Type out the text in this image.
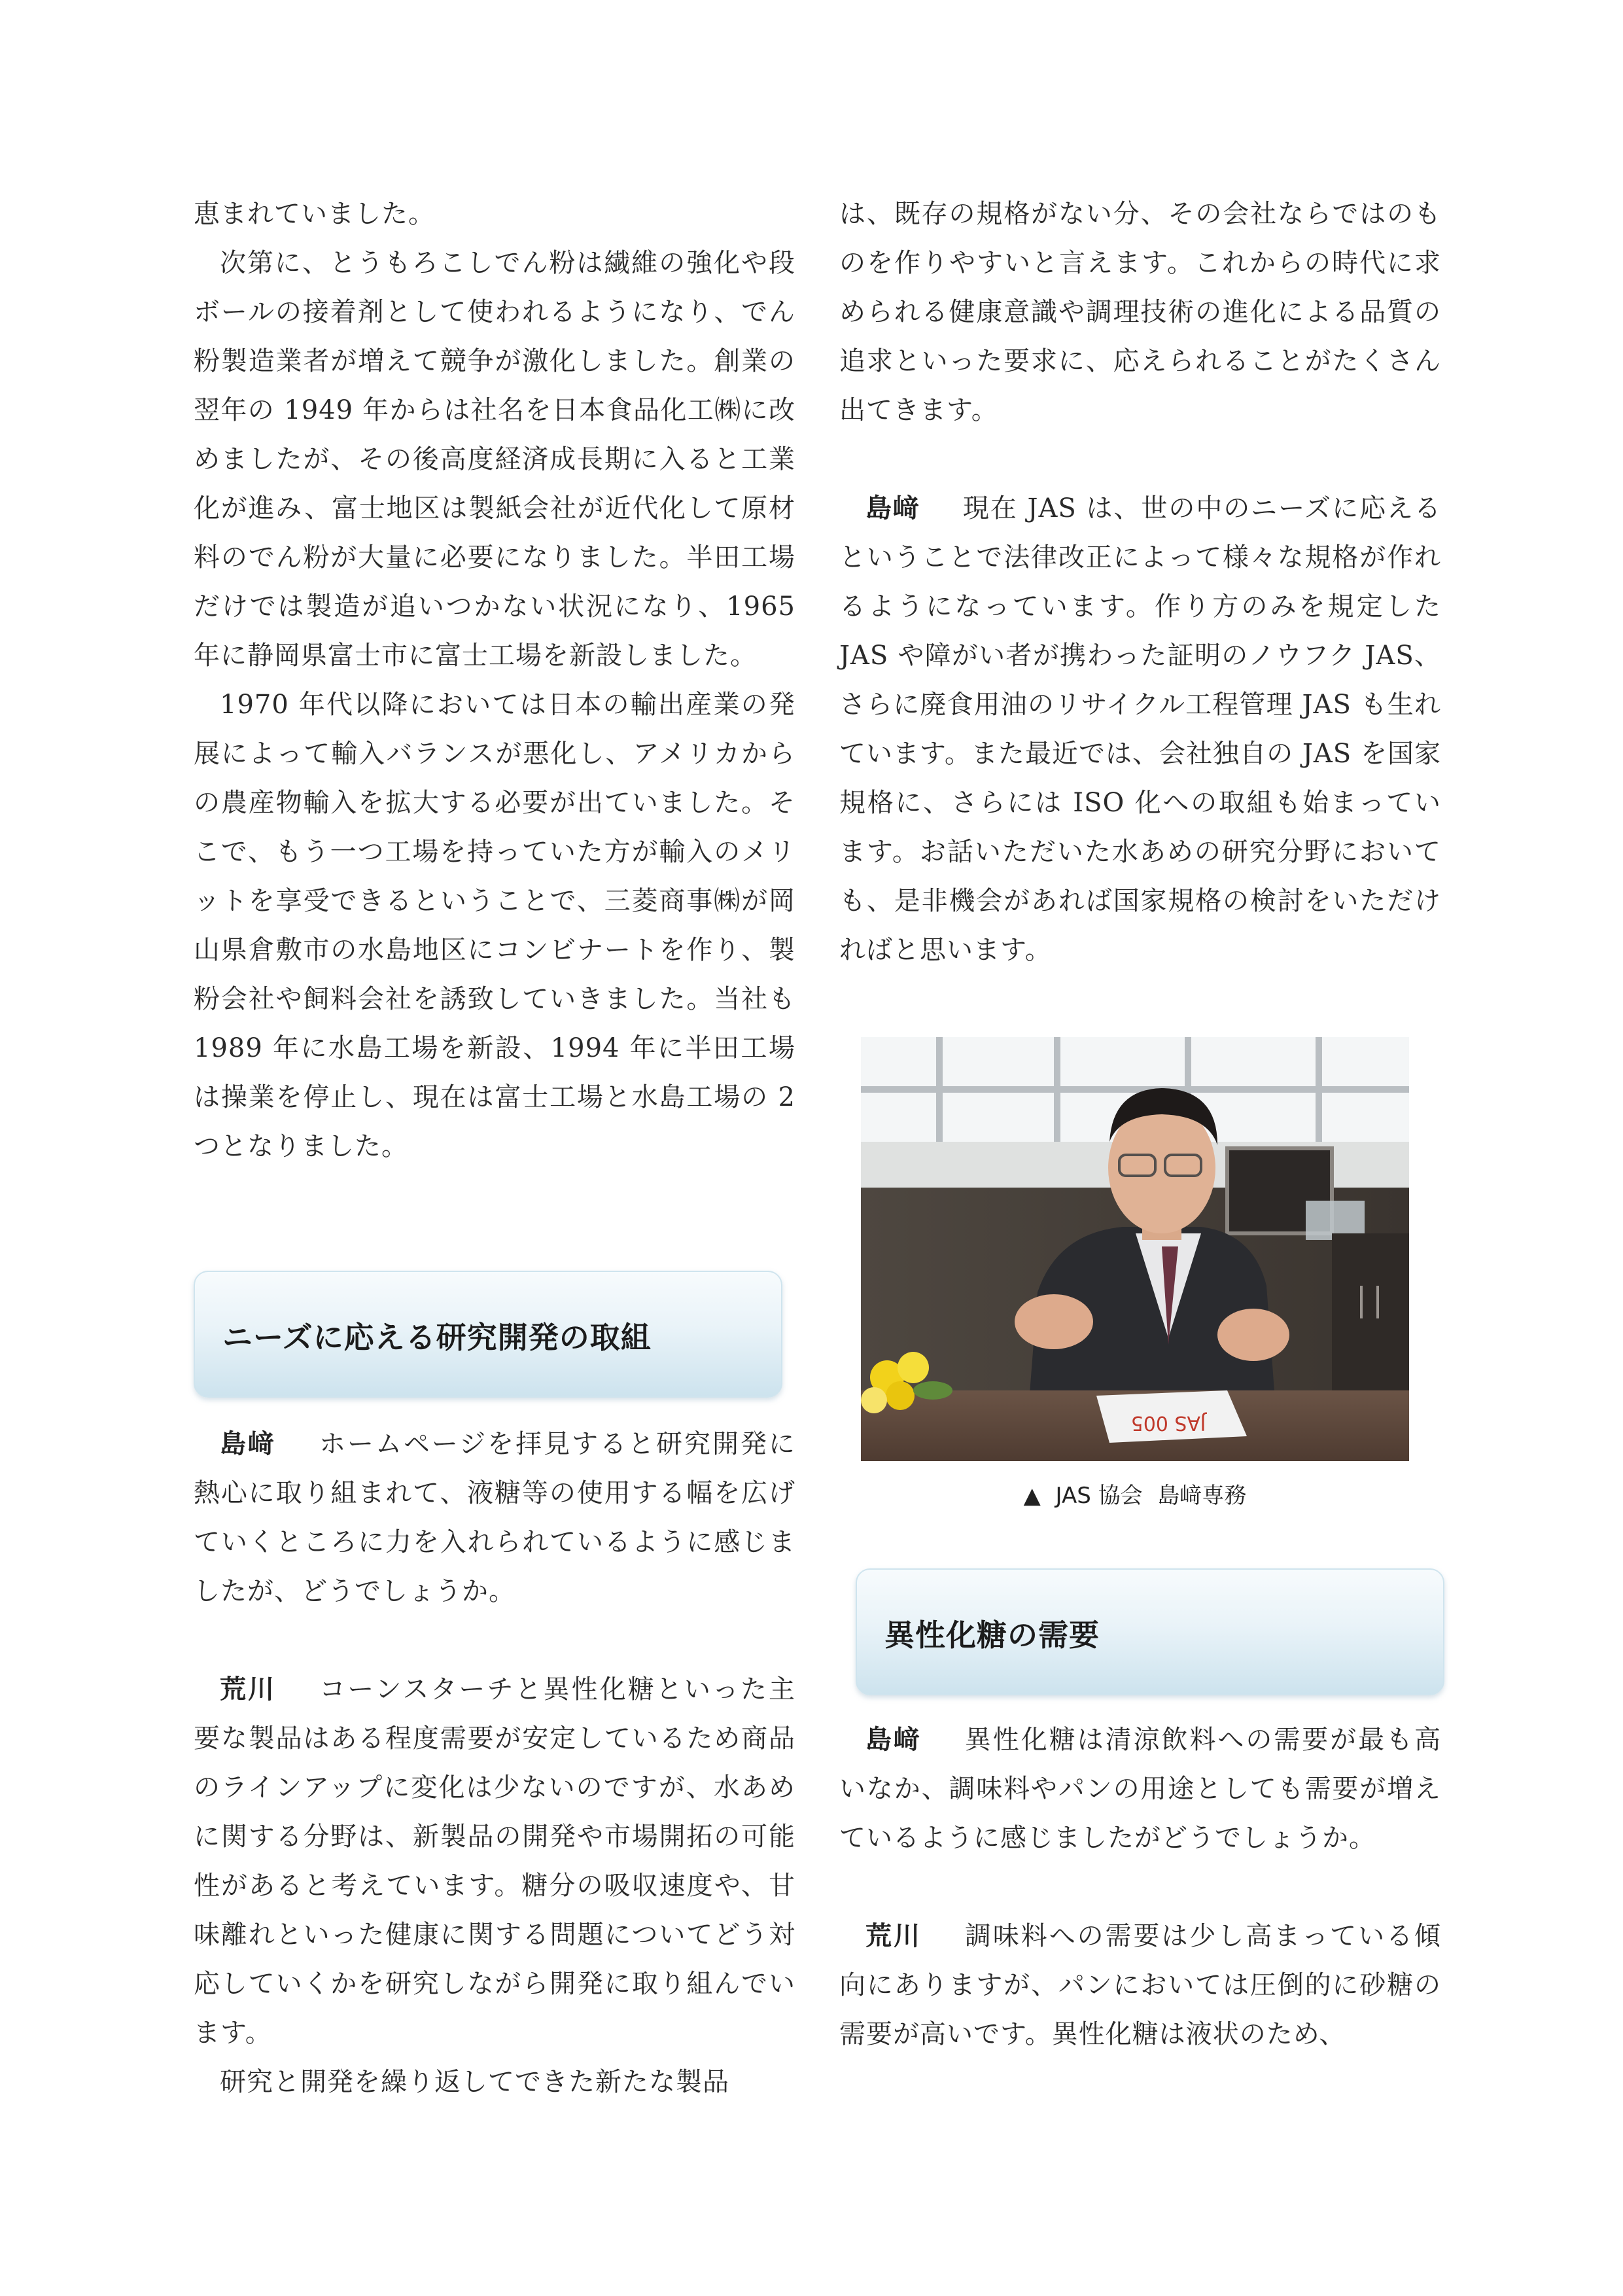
恵まれていました。

次第に、とうもろこしでん粉は繊維の強化や段ボールの接着剤として使われるようになり、でん粉製造業者が増えて競争が激化しました。創業の翌年の 1949 年からは社名を日本食品化工㈱に改めましたが、その後高度経済成長期に入ると工業化が進み、富士地区は製紙会社が近代化して原材料のでん粉が大量に必要になりました。半田工場だけでは製造が追いつかない状況になり、1965 年に静岡県富士市に富士工場を新設しました。

1970 年代以降においては日本の輸出産業の発展によって輸入バランスが悪化し、アメリカからの農産物輸入を拡大する必要が出ていました。そこで、もう一つ工場を持っていた方が輸入のメリットを享受できるということで、三菱商事㈱が岡山県倉敷市の水島地区にコンビナートを作り、製粉会社や飼料会社を誘致していきました。当社も 1989 年に水島工場を新設、1994 年に半田工場は操業を停止し、現在は富士工場と水島工場の 2 つとなりました。

ニーズに応える研究開発の取組

島﨑 ホームページを拝見すると研究開発に熱心に取り組まれて、液糖等の使用する幅を広げていくところに力を入れられているように感じましたが、どうでしょうか。

荒川 コーンスターチと異性化糖といった主要な製品はある程度需要が安定しているため商品のラインアップに変化は少ないのですが、水あめに関する分野は、新製品の開発や市場開拓の可能性があると考えています。糖分の吸収速度や、甘味離れといった健康に関する問題についてどう対応していくかを研究しながら開発に取り組んでいます。

研究と開発を繰り返してできた新たな製品

は、既存の規格がない分、その会社ならではのものを作りやすいと言えます。これからの時代に求められる健康意識や調理技術の進化による品質の追求といった要求に、応えられることがたくさん出てきます。

島﨑 現在 JAS は、世の中のニーズに応えるということで法律改正によって様々な規格が作れるようになっています。作り方のみを規定した JAS や障がい者が携わった証明のノウフク JAS、さらに廃食用油のリサイクル工程管理 JAS も生れています。また最近では、会社独自の JAS を国家規格に、さらには ISO 化への取組も始まっています。お話いただいた水あめの研究分野においても、是非機会があれば国家規格の検討をいただければと思います。

JAS 005
▲ JAS 協会 島﨑専務
異性化糖の需要

島﨑 異性化糖は清涼飲料への需要が最も高いなか、調味料やパンの用途としても需要が増えているように感じましたがどうでしょうか。

荒川 調味料への需要は少し高まっている傾向にありますが、パンにおいては圧倒的に砂糖の需要が高いです。異性化糖は液状のため、
